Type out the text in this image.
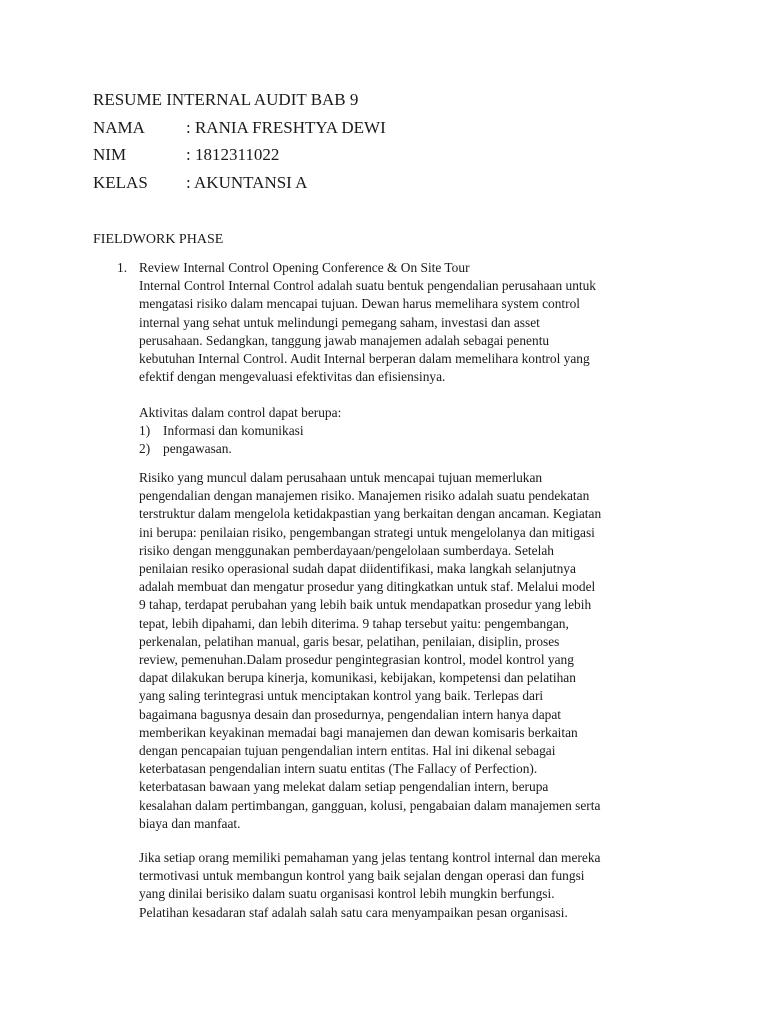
RESUME INTERNAL AUDIT BAB 9
NAMA	: RANIA FRESHTYA DEWI
NIM	: 1812311022
KELAS	: AKUNTANSI A
FIELDWORK PHASE
1. Review Internal Control Opening Conference & On Site Tour
Internal Control Internal Control adalah suatu bentuk pengendalian perusahaan untuk
mengatasi risiko dalam mencapai tujuan. Dewan harus memelihara system control
internal yang sehat untuk melindungi pemegang saham, investasi dan asset
perusahaan. Sedangkan, tanggung jawab manajemen adalah sebagai penentu
kebutuhan Internal Control. Audit Internal berperan dalam memelihara kontrol yang
efektif dengan mengevaluasi efektivitas dan efisiensinya.
Aktivitas dalam control dapat berupa:
1) Informasi dan komunikasi
2) pengawasan.
Risiko yang muncul dalam perusahaan untuk mencapai tujuan memerlukan
pengendalian dengan manajemen risiko. Manajemen risiko adalah suatu pendekatan
terstruktur dalam mengelola ketidakpastian yang berkaitan dengan ancaman. Kegiatan
ini berupa: penilaian risiko, pengembangan strategi untuk mengelolanya dan mitigasi
risiko dengan menggunakan pemberdayaan/pengelolaan sumberdaya. Setelah
penilaian resiko operasional sudah dapat diidentifikasi, maka langkah selanjutnya
adalah membuat dan mengatur prosedur yang ditingkatkan untuk staf. Melalui model
9 tahap, terdapat perubahan yang lebih baik untuk mendapatkan prosedur yang lebih
tepat, lebih dipahami, dan lebih diterima. 9 tahap tersebut yaitu: pengembangan,
perkenalan, pelatihan manual, garis besar, pelatihan, penilaian, disiplin, proses
review, pemenuhan.Dalam prosedur pengintegrasian kontrol, model kontrol yang
dapat dilakukan berupa kinerja, komunikasi, kebijakan, kompetensi dan pelatihan
yang saling terintegrasi untuk menciptakan kontrol yang baik. Terlepas dari
bagaimana bagusnya desain dan prosedurnya, pengendalian intern hanya dapat
memberikan keyakinan memadai bagi manajemen dan dewan komisaris berkaitan
dengan pencapaian tujuan pengendalian intern entitas. Hal ini dikenal sebagai
keterbatasan pengendalian intern suatu entitas (The Fallacy of Perfection).
keterbatasan bawaan yang melekat dalam setiap pengendalian intern, berupa
kesalahan dalam pertimbangan, gangguan, kolusi, pengabaian dalam manajemen serta
biaya dan manfaat.
Jika setiap orang memiliki pemahaman yang jelas tentang kontrol internal dan mereka
termotivasi untuk membangun kontrol yang baik sejalan dengan operasi dan fungsi
yang dinilai berisiko dalam suatu organisasi kontrol lebih mungkin berfungsi.
Pelatihan kesadaran staf adalah salah satu cara menyampaikan pesan organisasi.
